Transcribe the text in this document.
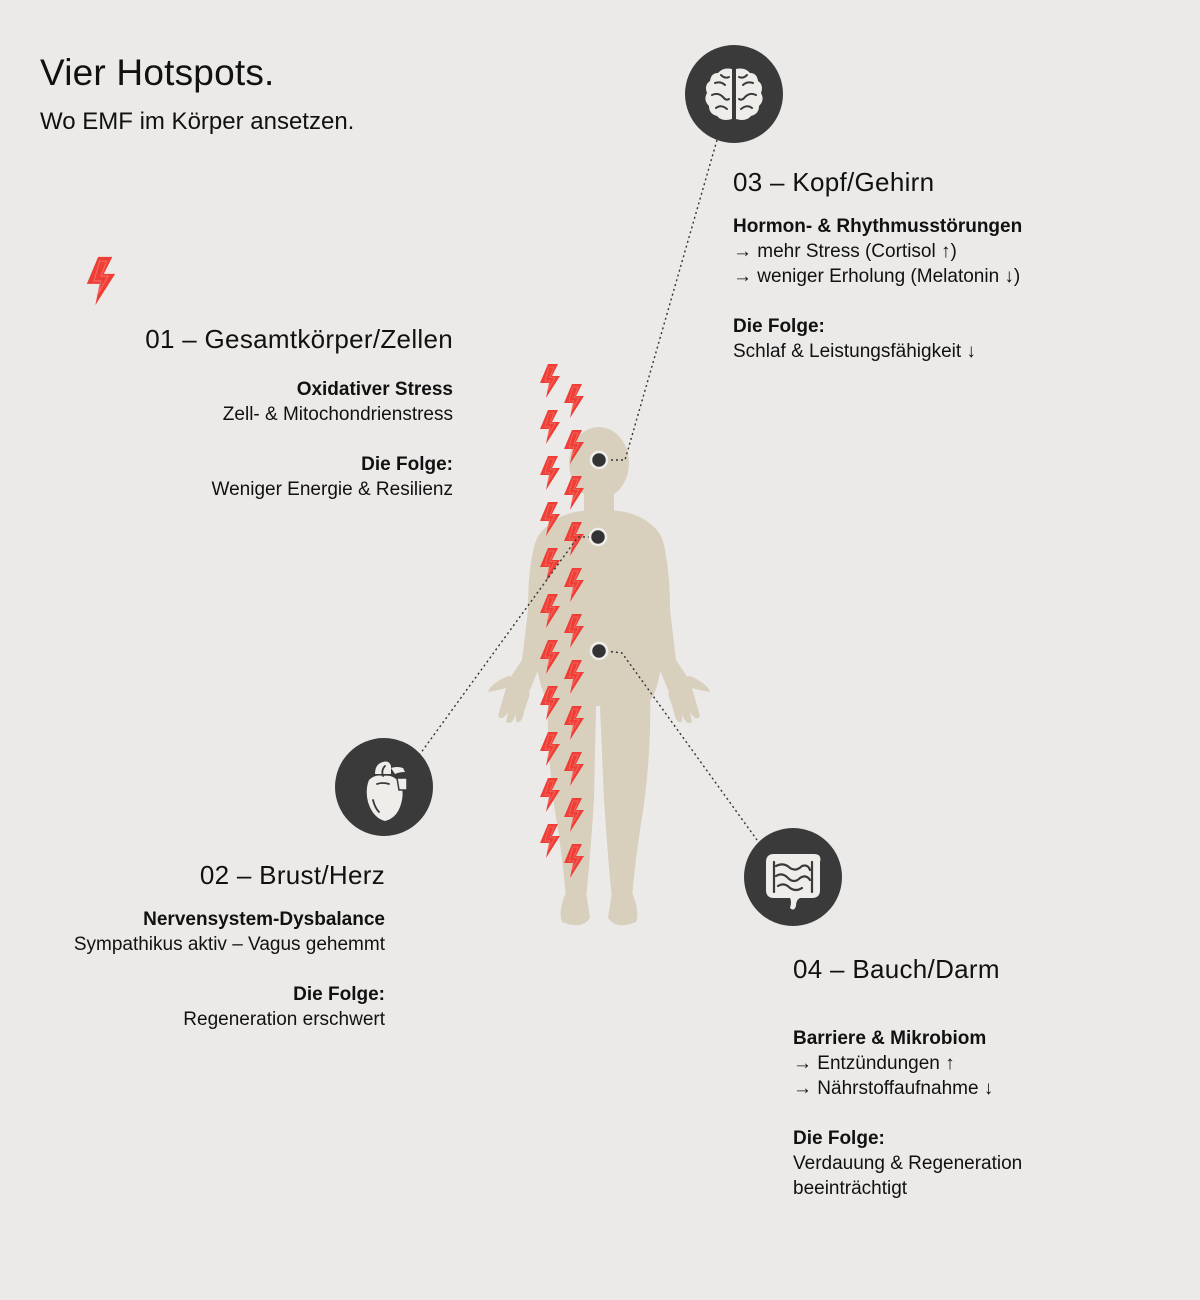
Vier Hotspots.

Wo EMF im Körper ansetzen.

01 – Gesamtkörper/Zellen
Oxidativer Stress
Zell- & Mitochondrienstress
Die Folge:
Weniger Energie & Resilienz
02 – Brust/Herz
Nervensystem-Dysbalance
Sympathikus aktiv – Vagus gehemmt
Die Folge:
Regeneration erschwert
03 – Kopf/Gehirn
Hormon- & Rhythmusstörungen
→ mehr Stress (Cortisol ↑)
→ weniger Erholung (Melatonin ↓)
Die Folge:
Schlaf & Leistungsfähigkeit ↓
04 – Bauch/Darm
Barriere & Mikrobiom
→ Entzündungen ↑
→ Nährstoffaufnahme ↓
Die Folge:
Verdauung & Regeneration
beeinträchtigt
